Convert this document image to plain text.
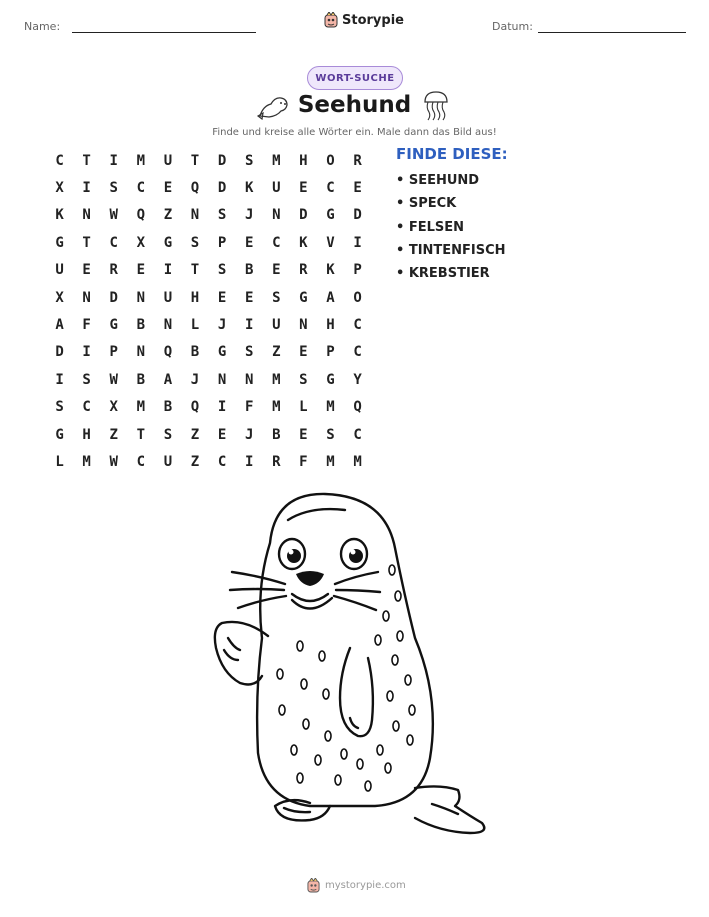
Name:	Storypie	Datum:
WORT-SUCHE
Seehund
Finde und kreise alle Wörter ein. Male dann das Bild aus!
C	T	I	M	U	T	D	S	M	H	O	R
X	I	S	C	E	Q	D	K	U	E	C	E
K	N	W	Q	Z	N	S	J	N	D	G	D
G	T	C	X	G	S	P	E	C	K	V	I
U	E	R	E	I	T	S	B	E	R	K	P
X	N	D	N	U	H	E	E	S	G	A	O
A	F	G	B	N	L	J	I	U	N	H	C
D	I	P	N	Q	B	G	S	Z	E	P	C
I	S	W	B	A	J	N	N	M	S	G	Y
S	C	X	M	B	Q	I	F	M	L	M	Q
G	H	Z	T	S	Z	E	J	B	E	S	C
L	M	W	C	U	Z	C	I	R	F	M	M
FINDE DIESE:
• SEEHUND
• SPECK
• FELSEN
• TINTENFISCH
• KREBSTIER
mystorypie.com
